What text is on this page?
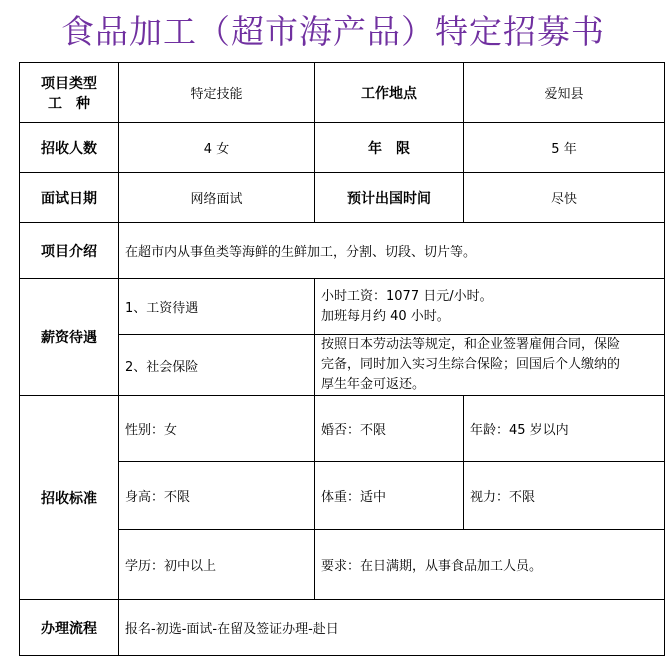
食品加工（超市海产品）特定招募书
项目类型
工　种	特定技能	工作地点	爱知县
招收人数	4 女	年　限	5 年
面试日期	网络面试	预计出国时间	尽快
项目介绍	在超市内从事鱼类等海鲜的生鲜加工，分割、切段、切片等。		
薪资待遇	1、工资待遇	小时工资：1077 日元/小时。
加班每月约 40 小时。	

	2、社会保险	按照日本劳动法等规定，和企业签署雇佣合同，保险
完备，同时加入实习生综合保险；回国后个人缴纳的
厚生年金可返还。	

招收标准	性别：女	婚否：不限	年龄：45 岁以内
	身高：不限	体重：适中	视力：不限
	学历：初中以上	要求：在日满期，从事食品加工人员。	
办理流程	报名-初选-面试-在留及签证办理-赴日		
